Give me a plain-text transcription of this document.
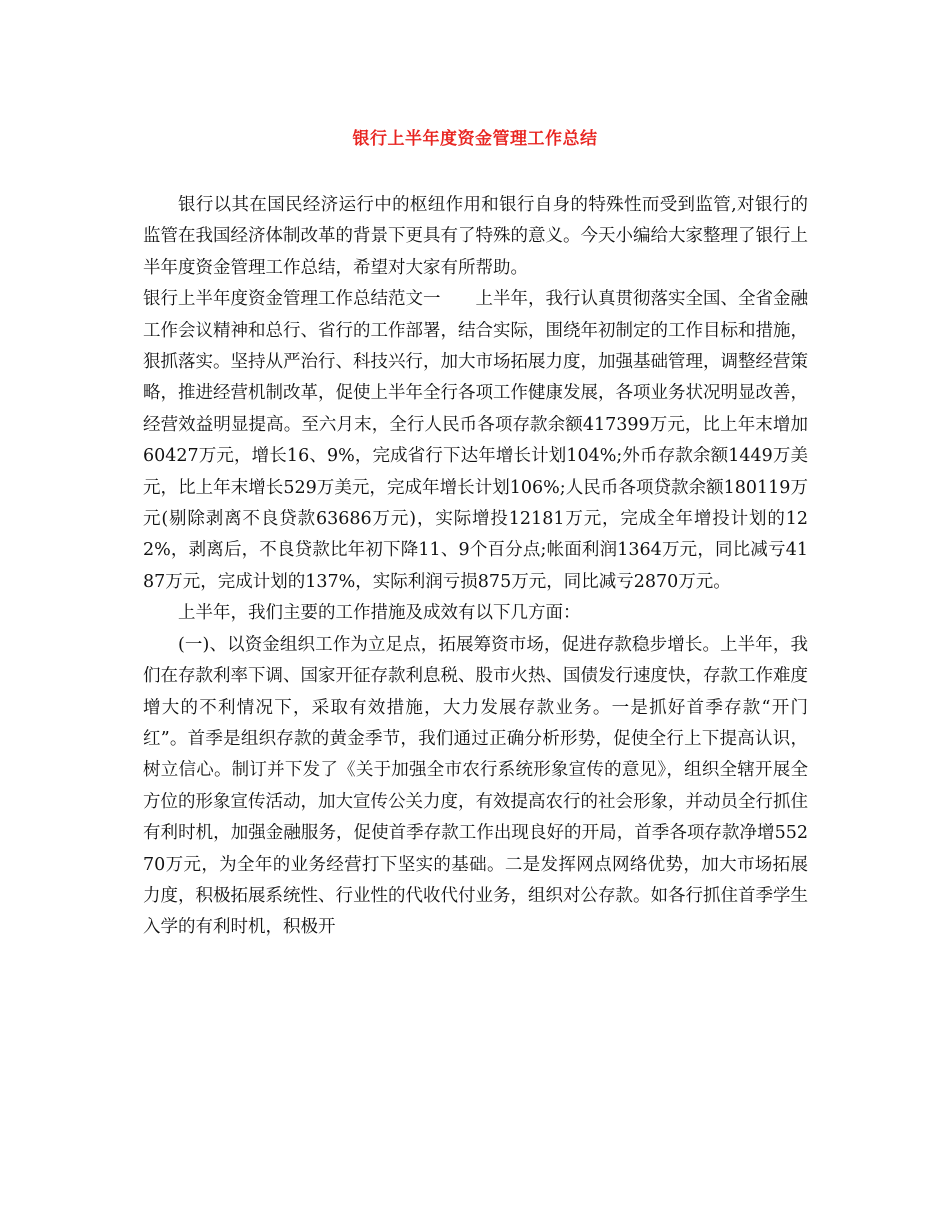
银行上半年度资金管理工作总结

银行以其在国民经济运行中的枢纽作用和银行自身的特殊性而受到监管,对银行的监管在我国经济体制改革的背景下更具有了特殊的意义。今天小编给大家整理了银行上半年度资金管理工作总结，希望对大家有所帮助。

银行上半年度资金管理工作总结范文一　　上半年，我行认真贯彻落实全国、全省金融工作会议精神和总行、省行的工作部署，结合实际，围绕年初制定的工作目标和措施，狠抓落实。坚持从严治行、科技兴行，加大市场拓展力度，加强基础管理，调整经营策略，推进经营机制改革，促使上半年全行各项工作健康发展，各项业务状况明显改善，经营效益明显提高。至六月末，全行人民币各项存款余额417399万元，比上年末增加60427万元，增长16、9%，完成省行下达年增长计划104%;外币存款余额1449万美元，比上年末增长529万美元，完成年增长计划106%;人民币各项贷款余额180119万元(剔除剥离不良贷款63686万元)，实际增投12181万元，完成全年增投计划的122%，剥离后，不良贷款比年初下降11、9个百分点;帐面利润1364万元，同比减亏4187万元，完成计划的137%，实际利润亏损875万元，同比减亏2870万元。

上半年，我们主要的工作措施及成效有以下几方面：

(一)、以资金组织工作为立足点，拓展筹资市场，促进存款稳步增长。上半年，我们在存款利率下调、国家开征存款利息税、股市火热、国债发行速度快，存款工作难度增大的不利情况下，采取有效措施，大力发展存款业务。一是抓好首季存款“开门红”。首季是组织存款的黄金季节，我们通过正确分析形势，促使全行上下提高认识，树立信心。制订并下发了《关于加强全市农行系统形象宣传的意见》，组织全辖开展全方位的形象宣传活动，加大宣传公关力度，有效提高农行的社会形象，并动员全行抓住有利时机，加强金融服务，促使首季存款工作出现良好的开局，首季各项存款净增55270万元，为全年的业务经营打下坚实的基础。二是发挥网点网络优势，加大市场拓展力度，积极拓展系统性、行业性的代收代付业务，组织对公存款。如各行抓住首季学生入学的有利时机，积极开
